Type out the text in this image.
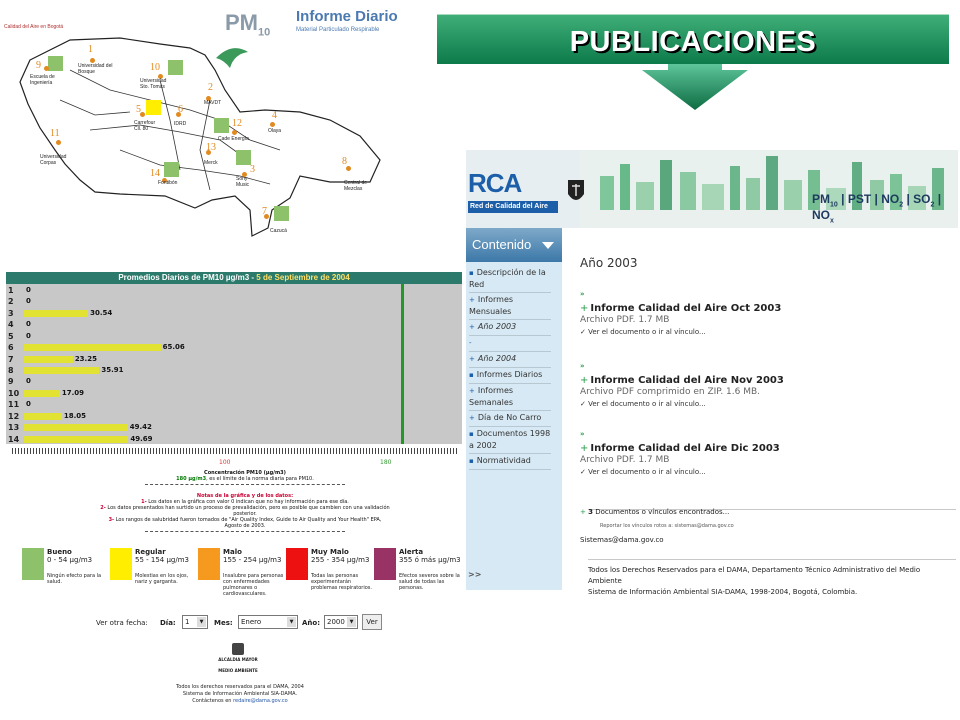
Calidad del Aire en Bogotá	$PM_{10}$
Informe Diario
Material Particulado Respirable
1
Universidad del Bosque
2
MAVDT
3
Sony Music
4
Olaya
5
Carrefour Cll. 80
6
IDRD
7
Cazucá
8
Central de Mezclas
9
Escuela de Ingeniería
10
Universidad Sto. Tomás
11
Universidad Corpas
12
Cade Energía
13
Merck
14
Fontibón
Promedios Diarios de PM10 µg/m3 - 5 de Septiembre de 2004
1	0
2	0
3	30.54
4	0
5	0
6	65.06
7	23.25
8	35.91
9	0
10	17.09
11 0
12	18.05
13	49.42
14	49.69
100	180
Concentración PM10 (µg/m3)
180 µg/m3, es el límite de la norma diaria para PM10.
Notas de la gráfica y de los datos:
1- Los datos en la gráfica con valor 0 indican que no hay información para ese día.
2- Los datos presentados han surtido un proceso de prevalidación, pero es posible que cambien con una validación posterior.
3- Los rangos de salubridad fueron tomados de "Air Quality Index, Guide to Air Quality and Your Health" EPA, Agosto de 2003.
Bueno
0 - 54 µg/m3
Ningún efecto para la salud.
Regular
55 - 154 µg/m3
Molestias en los ojos, nariz y garganta.
Malo
155 - 254 µg/m3
Insalubre para personas con enfermedades pulmonares o cardiovasculares.
Muy Malo
255 - 354 µg/m3
Todas las personas experimentarán problemas respiratorios.
Alerta
355 ó más µg/m3
Efectos severos sobre la salud de todas las personas.
Ver otra fecha: Día:	1	▼	Mes:	Enero	▼	Año: 2000 ▼	Ver
ALCALDIA MAYOR
MEDIO AMBIENTE
Todos los derechos reservados para el DAMA, 2004
Sistema de Información Ambiental SIA-DAMA.
Contáctenos en redaire@dama.gov.co
PUBLICACIONES
RCA
Red de Calidad del Aire
$PM_{10}$ | PST | $NO_2$ | $SO_2$ | $NO_x$
Contenido
▪ Descripción de la Red
+ Informes Mensuales
+ Año 2003
-
+ Año 2004
▪ Informes Diarios
+ Informes Semanales
+ Día de No Carro
▪ Documentos 1998 a 2002
▪ Normatividad
>>
Año 2003
»
+ Informe Calidad del Aire Oct 2003
Archivo PDF. 1.7 MB
✓ Ver el documento o ir al vínculo...
»
+ Informe Calidad del Aire Nov 2003
Archivo PDF comprimido en ZIP. 1.6 MB.
✓ Ver el documento o ir al vínculo...
»
+ Informe Calidad del Aire Dic 2003
Archivo PDF. 1.7 MB
✓ Ver el documento o ir al vínculo...
+ 3 Documentos o vínculos encontrados...
Reportar los vínculos rotos a: sistemas@dama.gov.co
Sistemas@dama.gov.co
Todos los Derechos Reservados para el DAMA, Departamento Técnico Administrativo del Medio Ambiente
Sistema de Información Ambiental SIA-DAMA, 1998-2004, Bogotá, Colombia.
